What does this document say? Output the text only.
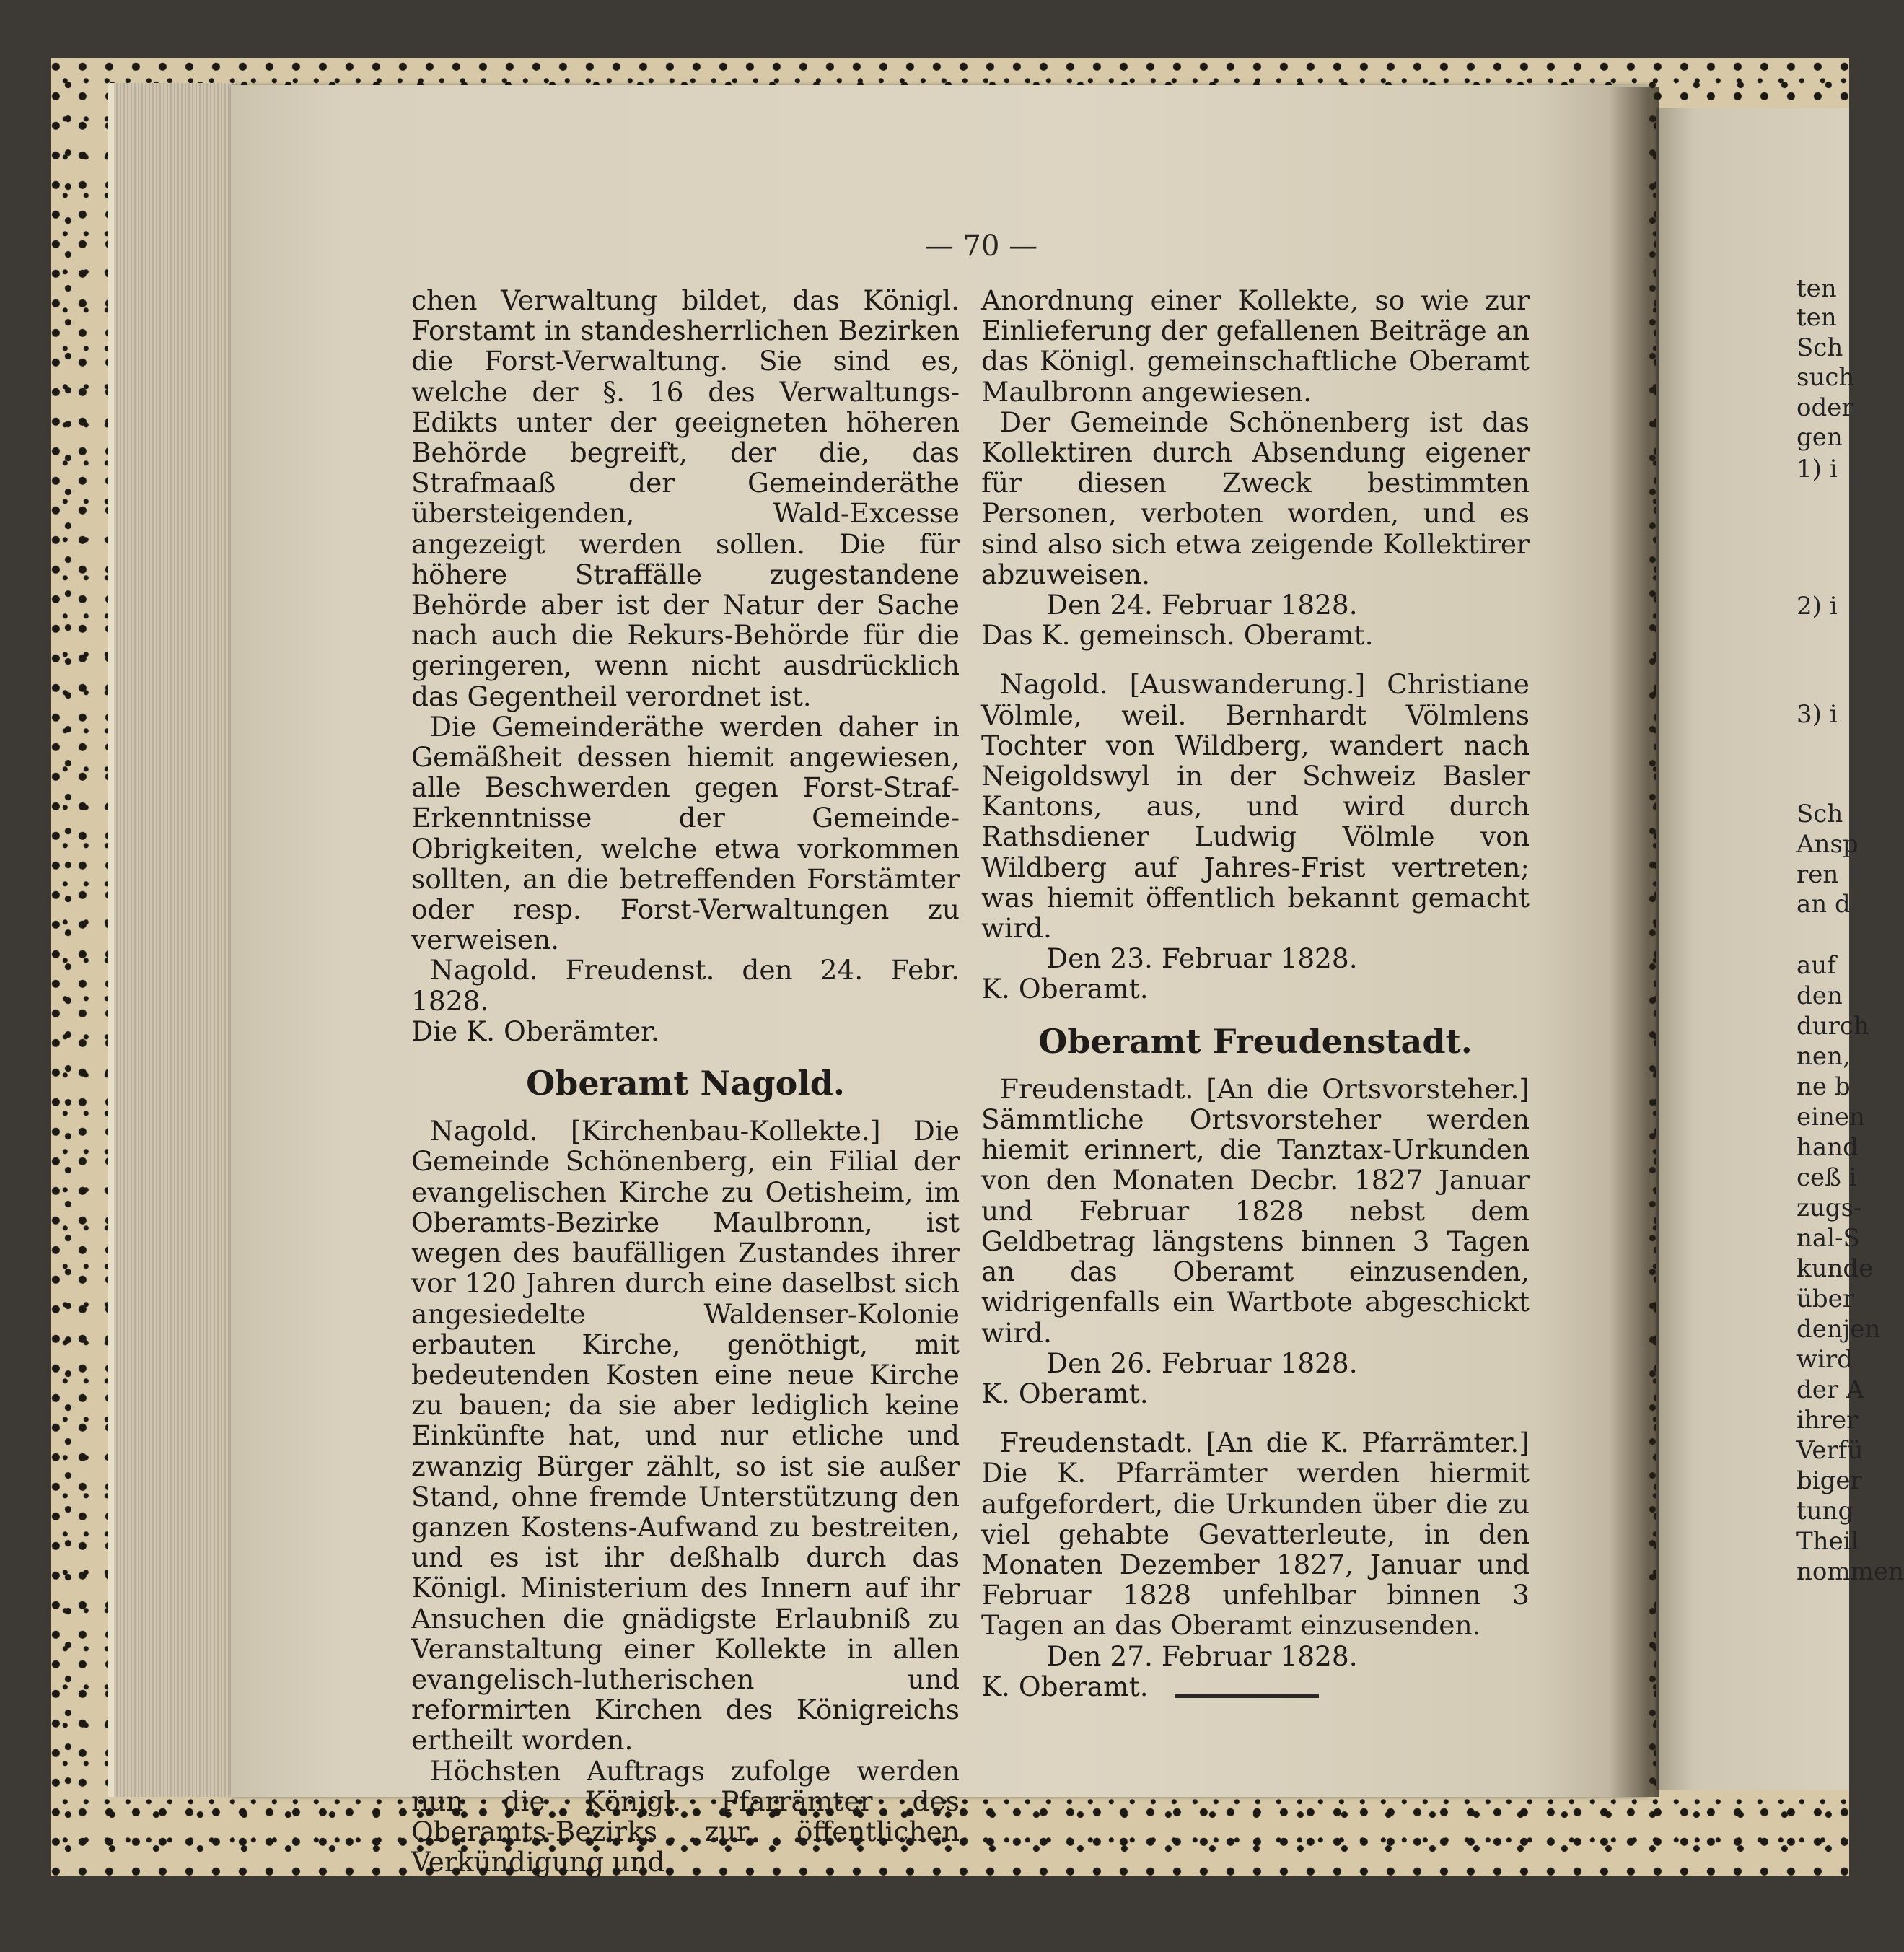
ten
ten
Sch
such
oder
gen
1) i
2) i
3) i
Sch
Ansp
ren
an d
auf
den
durch
nen,
ne b
einen
hand
ceß i
zugs-
nal-S
kunde
über
denjen
wird
der A
ihrer
Verfü
biger
tung
Theil
nommen
— 70 —

chen Verwaltung bildet, das Königl. Forstamt in standesherrlichen Bezirken die Forst-Verwaltung. Sie sind es, welche der §. 16 des Verwaltungs-Edikts unter der geeigneten höheren Behörde begreift, der die, das Strafmaaß der Gemeinderäthe übersteigenden, Wald-Excesse angezeigt werden sollen. Die für höhere Straffälle zugestandene Behörde aber ist der Natur der Sache nach auch die Rekurs-Behörde für die geringeren, wenn nicht ausdrücklich das Gegentheil verordnet ist.

Die Gemeinderäthe werden daher in Gemäßheit dessen hiemit angewiesen, alle Beschwerden gegen Forst-Straf-Erkenntnisse der Gemeinde-Obrigkeiten, welche etwa vorkommen sollten, an die betreffenden Forstämter oder resp. Forst-Verwaltungen zu verweisen.

Nagold. Freudenst. den 24. Febr. 1828.

Die K. Oberämter.

Oberamt Nagold.

Nagold. [Kirchenbau-Kollekte.] Die Gemeinde Schönenberg, ein Filial der evangelischen Kirche zu Oetisheim, im Oberamts-Bezirke Maulbronn, ist wegen des baufälligen Zustandes ihrer vor 120 Jahren durch eine daselbst sich angesiedelte Waldenser-Kolonie erbauten Kirche, genöthigt, mit bedeutenden Kosten eine neue Kirche zu bauen; da sie aber lediglich keine Einkünfte hat, und nur etliche und zwanzig Bürger zählt, so ist sie außer Stand, ohne fremde Unterstützung den ganzen Kostens-Aufwand zu bestreiten, und es ist ihr deßhalb durch das Königl. Ministerium des Innern auf ihr Ansuchen die gnädigste Erlaubniß zu Veranstaltung einer Kollekte in allen evangelisch-lutherischen und reformirten Kirchen des Königreichs ertheilt worden.

Höchsten Auftrags zufolge werden nun die Königl. Pfarrämter des Oberamts-Bezirks zur öffentlichen Verkündigung und

Anordnung einer Kollekte, so wie zur Einlieferung der gefallenen Beiträge an das Königl. gemeinschaftliche Oberamt Maulbronn angewiesen.

Der Gemeinde Schönenberg ist das Kollektiren durch Absendung eigener für diesen Zweck bestimmten Personen, verboten worden, und es sind also sich etwa zeigende Kollektirer abzuweisen.

Den 24. Februar 1828.

Das K. gemeinsch. Oberamt.

Nagold. [Auswanderung.] Christiane Völmle, weil. Bernhardt Völmlens Tochter von Wildberg, wandert nach Neigoldswyl in der Schweiz Basler Kantons, aus, und wird durch Rathsdiener Ludwig Völmle von Wildberg auf Jahres-Frist vertreten; was hiemit öffentlich bekannt gemacht wird.

Den 23. Februar 1828.

K. Oberamt.

Oberamt Freudenstadt.

Freudenstadt. [An die Ortsvorsteher.] Sämmtliche Ortsvorsteher werden hiemit erinnert, die Tanztax-Urkunden von den Monaten Decbr. 1827 Januar und Februar 1828 nebst dem Geldbetrag längstens binnen 3 Tagen an das Oberamt einzusenden, widrigenfalls ein Wartbote abgeschickt wird.

Den 26. Februar 1828.

K. Oberamt.

Freudenstadt. [An die K. Pfarrämter.] Die K. Pfarrämter werden hiermit aufgefordert, die Urkunden über die zu viel gehabte Gevatterleute, in den Monaten Dezember 1827, Januar und Februar 1828 unfehlbar binnen 3 Tagen an das Oberamt einzusenden.

Den 27. Februar 1828.

K. Oberamt.
